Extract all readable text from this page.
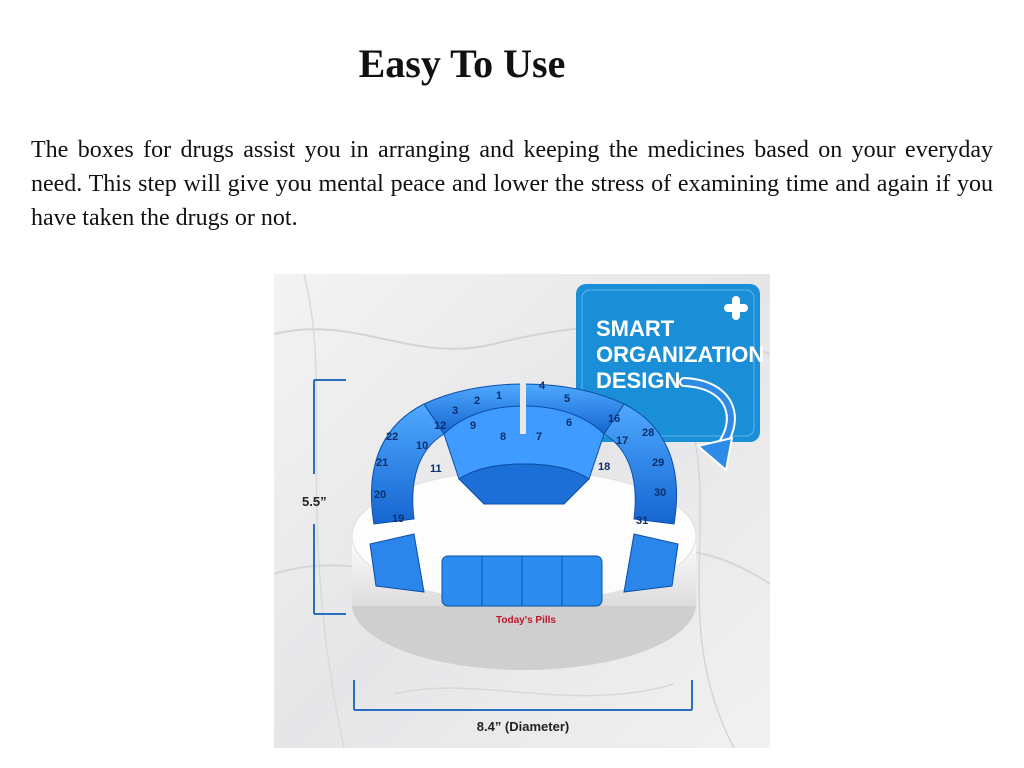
Easy To Use
The boxes for drugs assist you in arranging and keeping the medicines based on your everyday need. This step will give you mental peace and lower the stress of examining time and again if you have taken the drugs or not.
SMART
ORGANIZATION
DESIGN
5.5”
8.4” (Diameter)
Today's Pills
1
2
3
4
5
6
7
8
9
10
11
12
16
17
18
19
20
21
22	28
29
30
31
